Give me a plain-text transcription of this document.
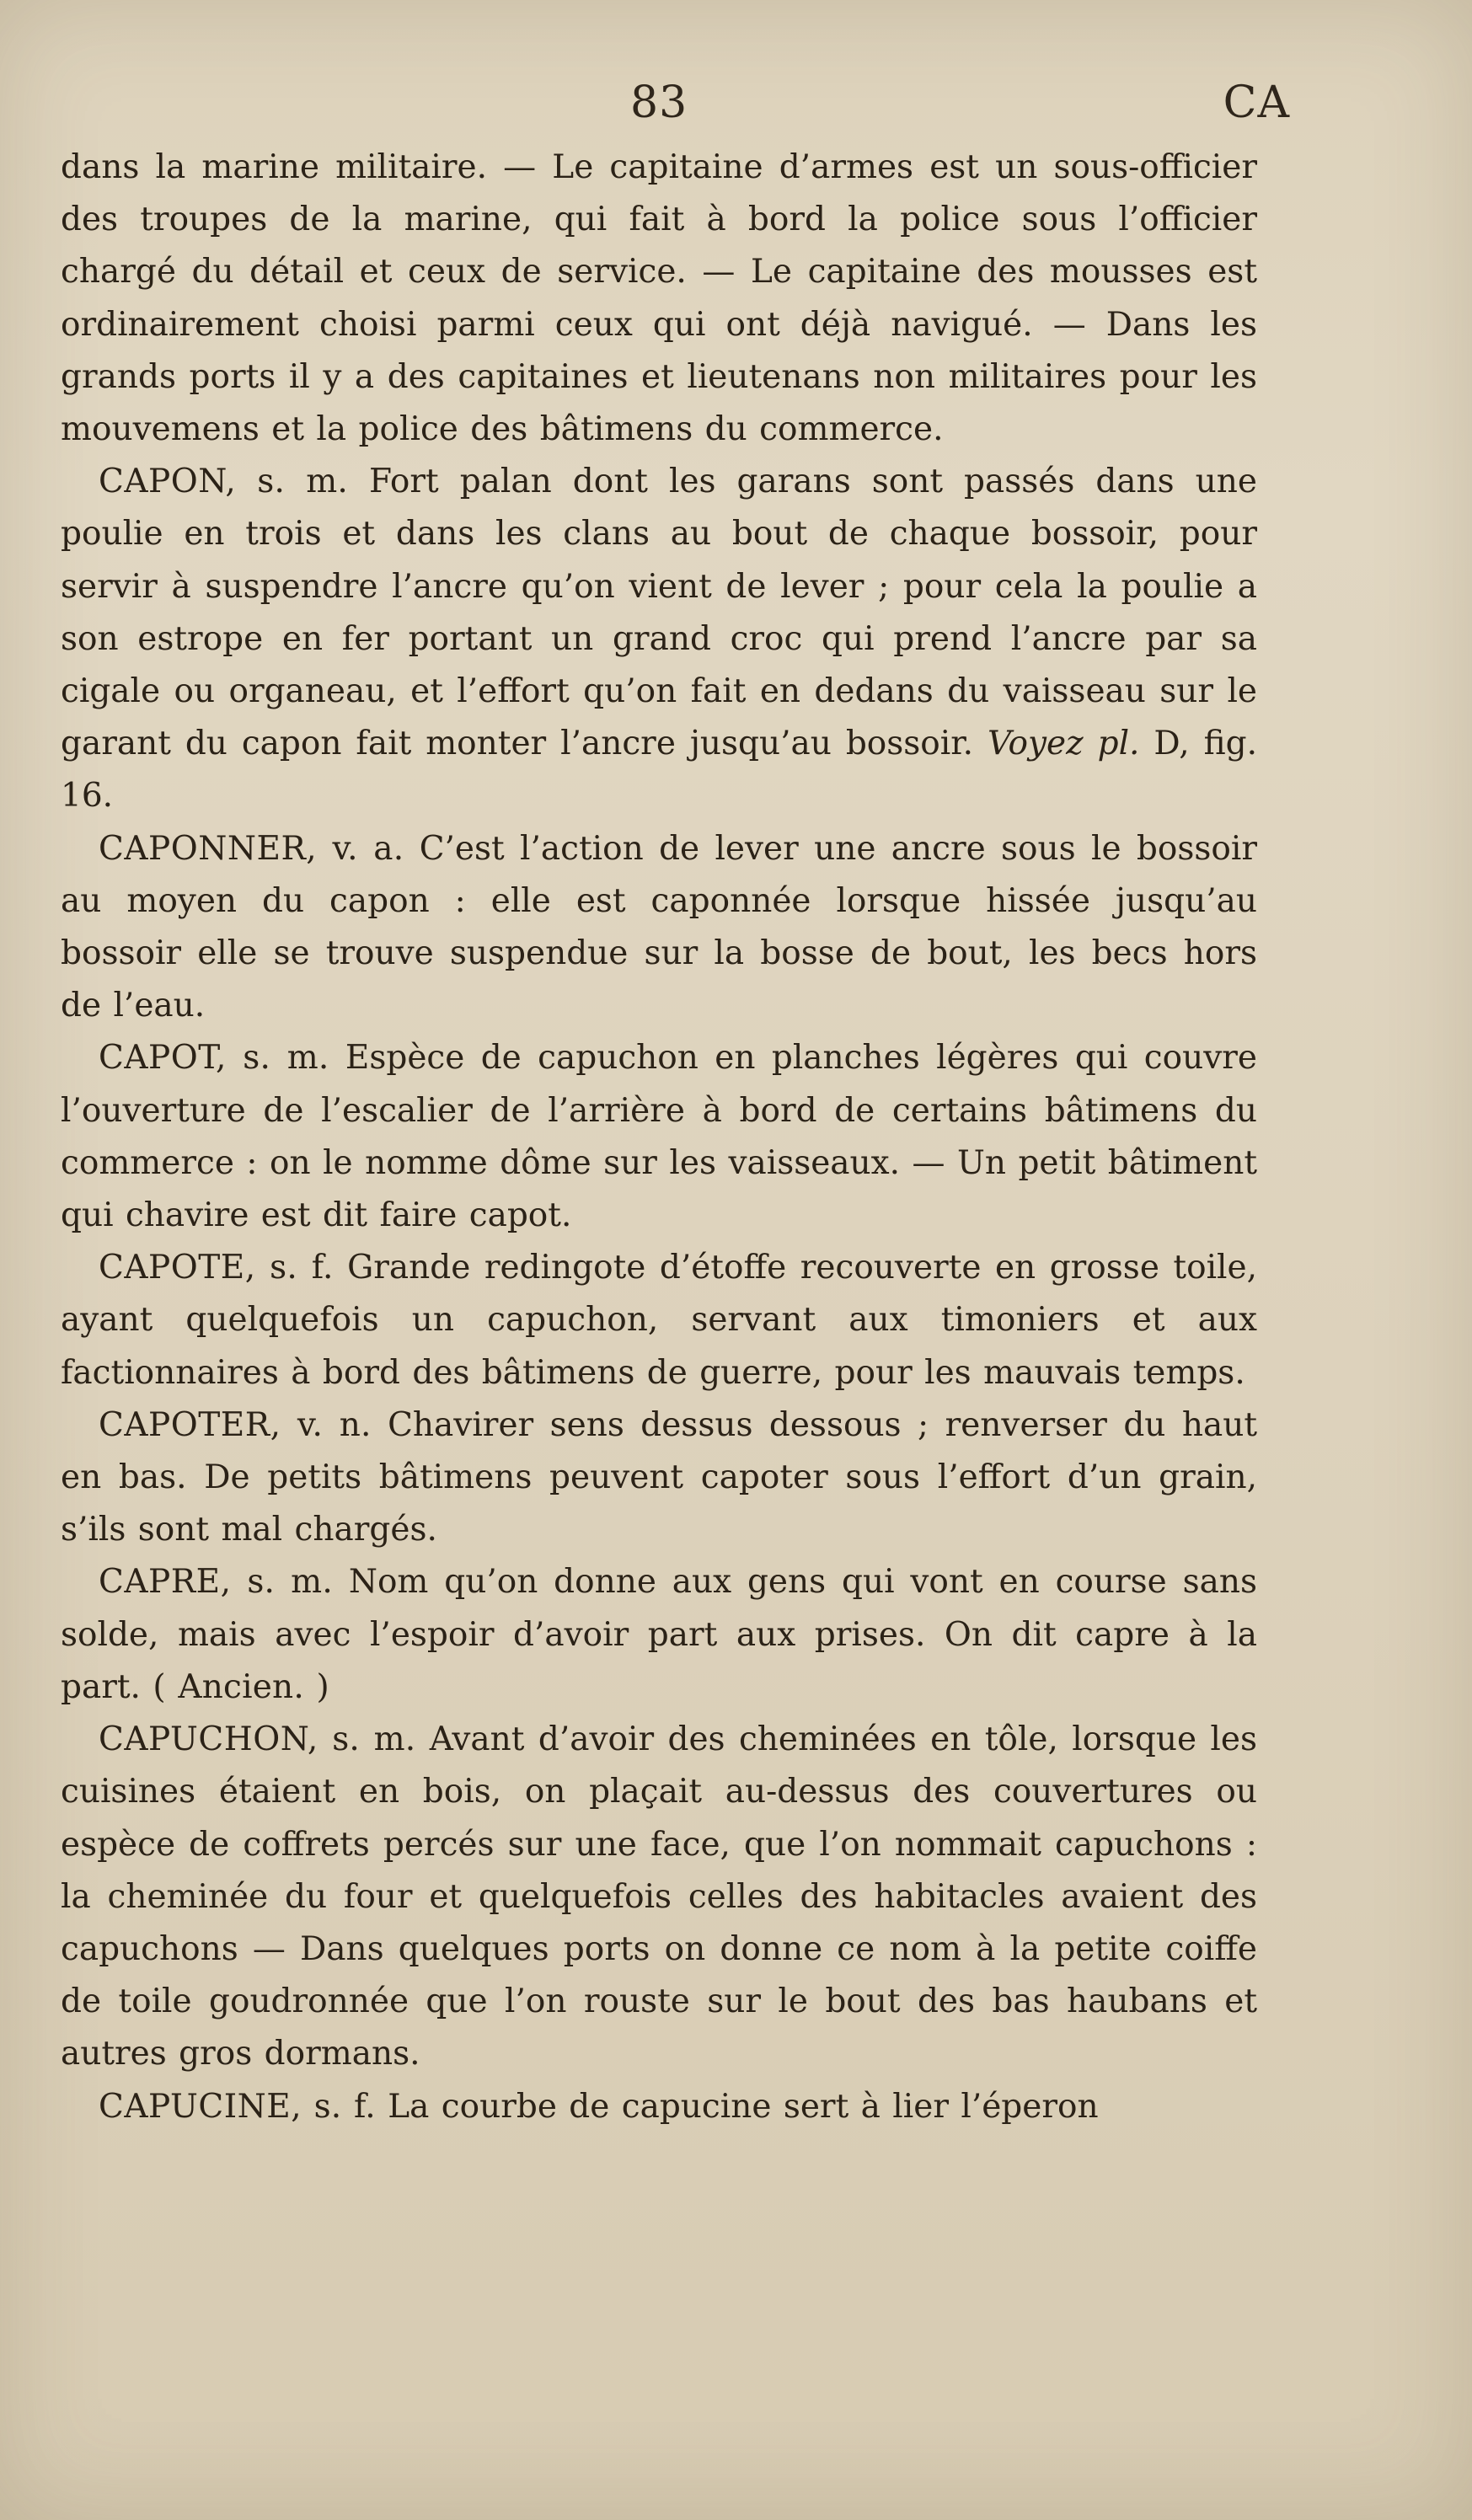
83	CA

dans la marine militaire. — Le capitaine d’armes est un sous-officier des troupes de la marine, qui fait à bord la police sous l’officier chargé du détail et ceux de service. — Le capitaine des mousses est ordinairement choisi parmi ceux qui ont déjà navigué. — Dans les grands ports il y a des capitaines et lieutenans non militaires pour les mouvemens et la police des bâtimens du commerce.

CAPON, s. m. Fort palan dont les garans sont passés dans une poulie en trois et dans les clans au bout de chaque bossoir, pour servir à suspendre l’ancre qu’on vient de lever ; pour cela la poulie a son estrope en fer portant un grand croc qui prend l’ancre par sa cigale ou organeau, et l’effort qu’on fait en dedans du vaisseau sur le garant du capon fait monter l’ancre jusqu’au bossoir. Voyez pl. D, fig. 16.

CAPONNER, v. a. C’est l’action de lever une ancre sous le bossoir au moyen du capon : elle est caponnée lorsque hissée jusqu’au bossoir elle se trouve suspendue sur la bosse de bout, les becs hors de l’eau.

CAPOT, s. m. Espèce de capuchon en planches légères qui couvre l’ouverture de l’escalier de l’arrière à bord de certains bâtimens du commerce : on le nomme dôme sur les vaisseaux. — Un petit bâtiment qui chavire est dit faire capot.

CAPOTE, s. f. Grande redingote d’étoffe recouverte en grosse toile, ayant quelquefois un capuchon, servant aux timoniers et aux factionnaires à bord des bâtimens de guerre, pour les mauvais temps.

CAPOTER, v. n. Chavirer sens dessus dessous ; renverser du haut en bas. De petits bâtimens peuvent capoter sous l’effort d’un grain, s’ils sont mal chargés.

CAPRE, s. m. Nom qu’on donne aux gens qui vont en course sans solde, mais avec l’espoir d’avoir part aux prises. On dit capre à la part. ( Ancien. )

CAPUCHON, s. m. Avant d’avoir des cheminées en tôle, lorsque les cuisines étaient en bois, on plaçait au-dessus des couvertures ou espèce de coffrets percés sur une face, que l’on nommait capuchons : la cheminée du four et quelquefois celles des habitacles avaient des capuchons — Dans quelques ports on donne ce nom à la petite coiffe de toile goudronnée que l’on rouste sur le bout des bas haubans et autres gros dormans.

CAPUCINE, s. f. La courbe de capucine sert à lier l’éperon
